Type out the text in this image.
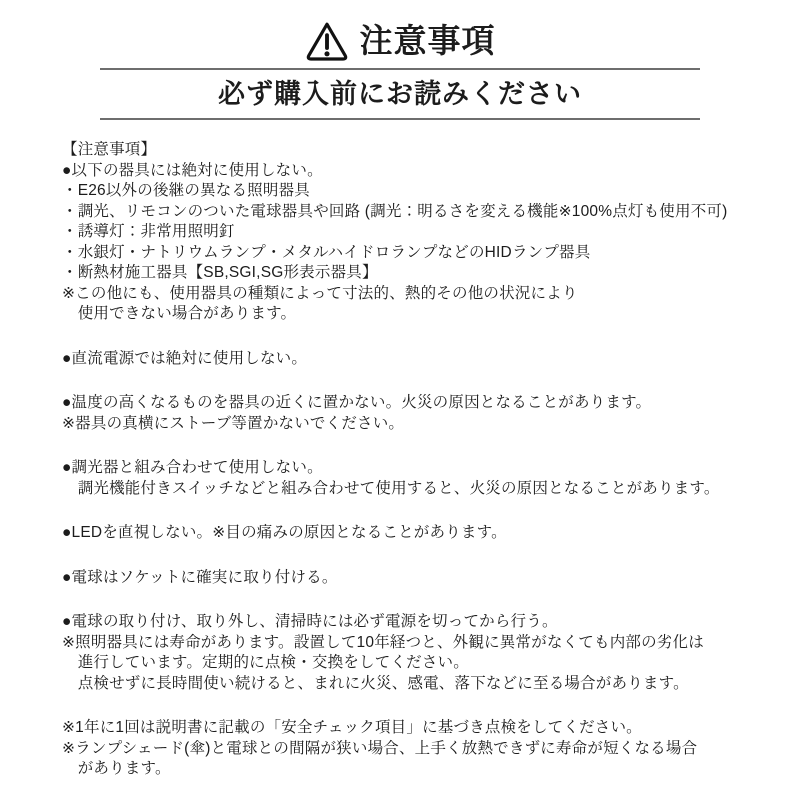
注意事項
必ず購入前にお読みください
【注意事項】
●以下の器具には絶対に使用しない。
・E26以外の後継の異なる照明器具
・調光、リモコンのついた電球器具や回路 (調光：明るさを変える機能※100%点灯も使用不可)
・誘導灯：非常用照明釘
・水銀灯・ナトリウムランプ・メタルハイドロランプなどのHIDランプ器具
・断熱材施工器具【SB,SGI,SG形表示器具】
※この他にも、使用器具の種類によって寸法的、熱的その他の状況により
　使用できない場合があります。
●直流電源では絶対に使用しない。
●温度の高くなるものを器具の近くに置かない。火災の原因となることがあります。
※器具の真横にストーブ等置かないでください。
●調光器と組み合わせて使用しない。
　調光機能付きスイッチなどと組み合わせて使用すると、火災の原因となることがあります。
●LEDを直視しない。※目の痛みの原因となることがあります。
●電球はソケットに確実に取り付ける。
●電球の取り付け、取り外し、清掃時には必ず電源を切ってから行う。
※照明器具には寿命があります。設置して10年経つと、外観に異常がなくても内部の劣化は
　進行しています。定期的に点検・交換をしてください。
　点検せずに長時間使い続けると、まれに火災、感電、落下などに至る場合があります。
※1年に1回は説明書に記載の「安全チェック項目」に基づき点検をしてください。
※ランプシェード(傘)と電球との間隔が狭い場合、上手く放熱できずに寿命が短くなる場合
　があります。
